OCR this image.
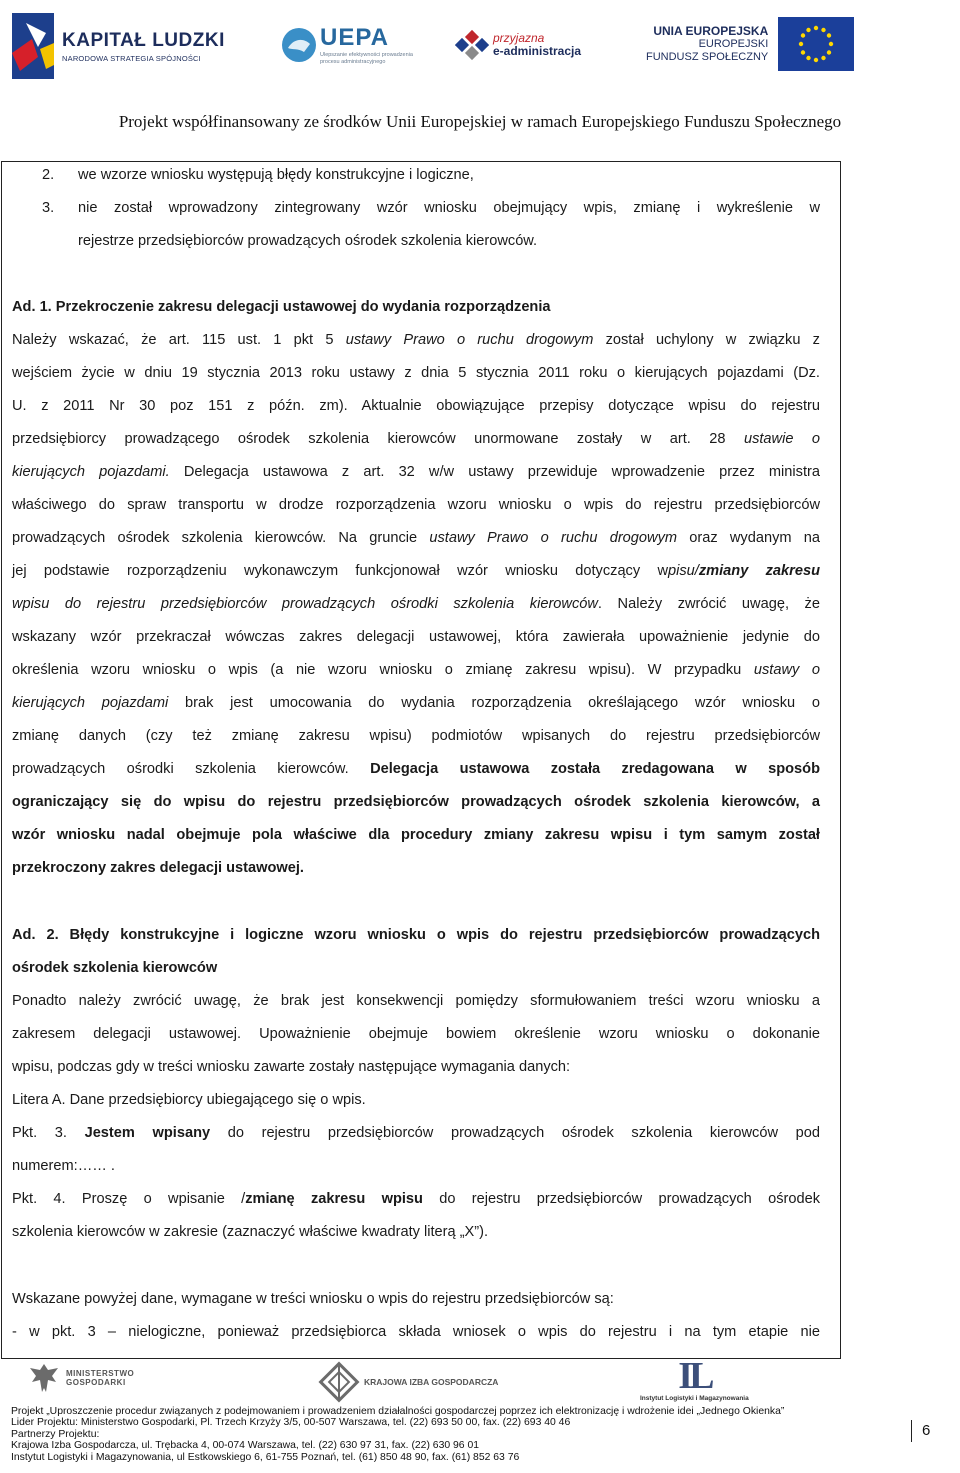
KAPITAŁ LUDZKI
NARODOWA STRATEGIA SPÓJNOŚCI
UEPA
Ulepszanie efektywności prowadzenia
procesu administracyjnego
przyjazna
e-administracja
UNIA EUROPEJSKA
EUROPEJSKI
FUNDUSZ SPOŁECZNY
Projekt współfinansowany ze środków Unii Europejskiej w ramach Europejskiego Funduszu Społecznego
2. we wzorze wniosku występują błędy konstrukcyjne i logiczne,
3. nie został wprowadzony zintegrowany wzór wniosku obejmujący wpis, zmianę i wykreślenie w
rejestrze przedsiębiorców prowadzących ośrodek szkolenia kierowców.
Ad. 1. Przekroczenie zakresu delegacji ustawowej do wydania rozporządzenia
Należy wskazać, że art. 115 ust. 1 pkt 5 ustawy Prawo o ruchu drogowym został uchylony w związku z
wejściem życie w dniu 19 stycznia 2013 roku ustawy z dnia 5 stycznia 2011 roku o kierujących pojazdami (Dz.
U. z 2011 Nr 30 poz 151 z późn. zm). Aktualnie obowiązujące przepisy dotyczące wpisu do rejestru
przedsiębiorcy prowadzącego ośrodek szkolenia kierowców unormowane zostały w art. 28 ustawie o
kierujących pojazdami. Delegacja ustawowa z art. 32 w/w ustawy przewiduje wprowadzenie przez ministra
właściwego do spraw transportu w drodze rozporządzenia wzoru wniosku o wpis do rejestru przedsiębiorców
prowadzących ośrodek szkolenia kierowców. Na gruncie ustawy Prawo o ruchu drogowym oraz wydanym na
jej podstawie rozporządzeniu wykonawczym funkcjonował wzór wniosku dotyczący wpisu/zmiany zakresu
wpisu do rejestru przedsiębiorców prowadzących ośrodki szkolenia kierowców. Należy zwrócić uwagę, że
wskazany wzór przekraczał wówczas zakres delegacji ustawowej, która zawierała upoważnienie jedynie do
określenia wzoru wniosku o wpis (a nie wzoru wniosku o zmianę zakresu wpisu). W przypadku ustawy o
kierujących pojazdami brak jest umocowania do wydania rozporządzenia określającego wzór wniosku o
zmianę danych (czy też zmianę zakresu wpisu) podmiotów wpisanych do rejestru przedsiębiorców
prowadzących ośrodki szkolenia kierowców. Delegacja ustawowa została zredagowana w sposób
ograniczający się do wpisu do rejestru przedsiębiorców prowadzących ośrodek szkolenia kierowców, a
wzór wniosku nadal obejmuje pola właściwe dla procedury zmiany zakresu wpisu i tym samym został
przekroczony zakres delegacji ustawowej.
Ad. 2. Błędy konstrukcyjne i logiczne wzoru wniosku o wpis do rejestru przedsiębiorców prowadzących
ośrodek szkolenia kierowców
Ponadto należy zwrócić uwagę, że brak jest konsekwencji pomiędzy sformułowaniem treści wzoru wniosku a
zakresem delegacji ustawowej. Upoważnienie obejmuje bowiem określenie wzoru wniosku o dokonanie
wpisu, podczas gdy w treści wniosku zawarte zostały następujące wymagania danych:
Litera A. Dane przedsiębiorcy ubiegającego się o wpis.
Pkt. 3. Jestem wpisany do rejestru przedsiębiorców prowadzących ośrodek szkolenia kierowców pod
numerem:…… .
Pkt. 4. Proszę o wpisanie /zmianę zakresu wpisu do rejestru przedsiębiorców prowadzących ośrodek
szkolenia kierowców w zakresie (zaznaczyć właściwe kwadraty literą „X”).
Wskazane powyżej dane, wymagane w treści wniosku o wpis do rejestru przedsiębiorców są:
- w pkt. 3 – nielogiczne, ponieważ przedsiębiorca składa wniosek o wpis do rejestru i na tym etapie nie
MINISTERSTWO
GOSPODARKI	KRAJOWA IZBA GOSPODARCZA	IL
Instytut Logistyki i Magazynowania
Projekt „Uproszczenie procedur związanych z podejmowaniem i prowadzeniem działalności gospodarczej poprzez ich elektronizację i wdrożenie idei „Jednego Okienka”
Lider Projektu: Ministerstwo Gospodarki, Pl. Trzech Krzyży 3/5, 00-507 Warszawa, tel. (22) 693 50 00, fax. (22) 693 40 46
Partnerzy Projektu:
Krajowa Izba Gospodarcza, ul. Trębacka 4, 00-074 Warszawa, tel. (22) 630 97 31, fax. (22) 630 96 01
Instytut Logistyki i Magazynowania, ul Estkowskiego 6, 61-755 Poznań, tel. (61) 850 48 90, fax. (61) 852 63 76
6
